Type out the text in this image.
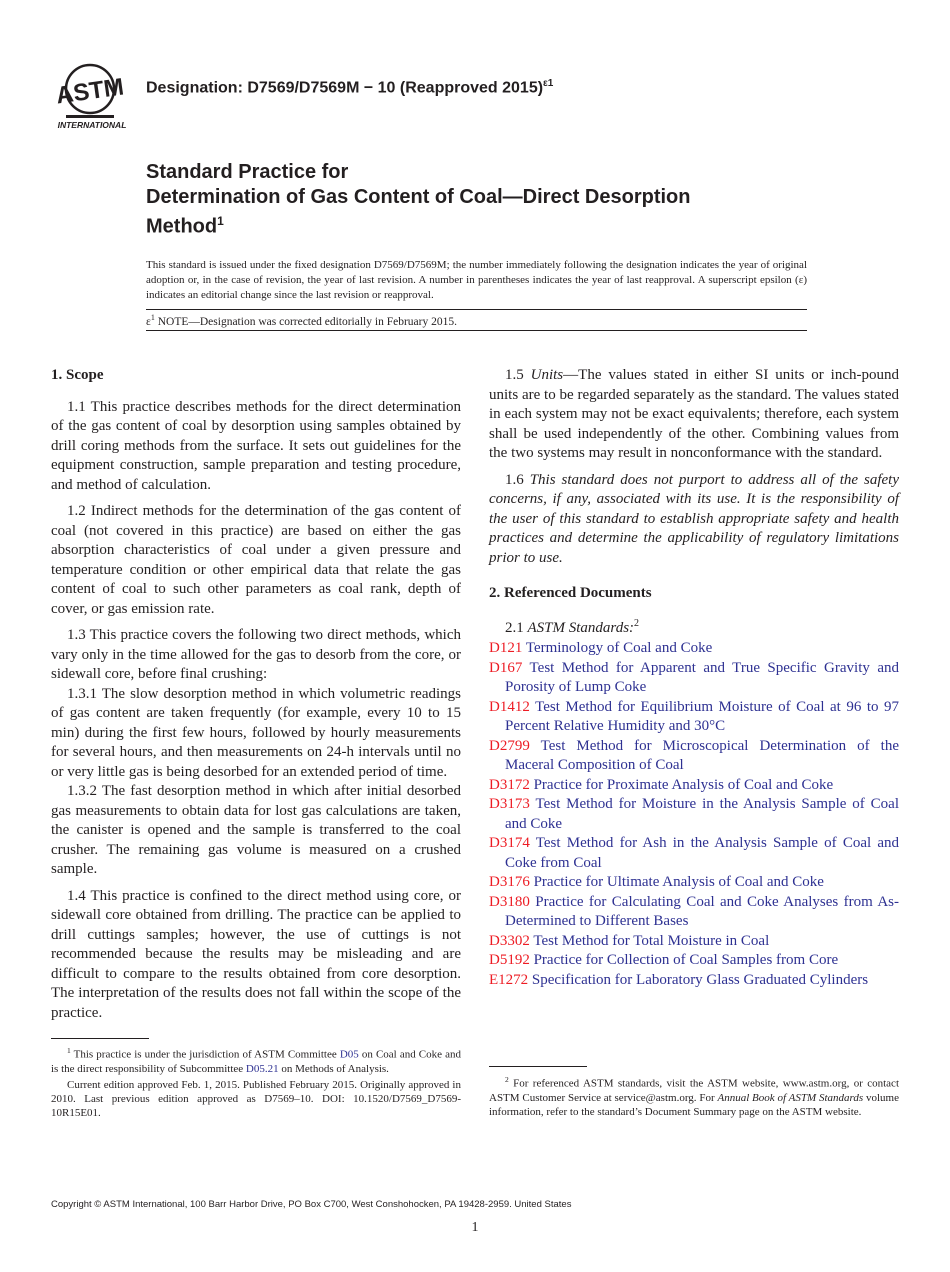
ASTM
INTERNATIONAL
Designation: D7569/D7569M − 10 (Reapproved 2015)$^{\varepsilon 1}$
Standard Practice for
Determination of Gas Content of Coal—Direct Desorption
Method$^1$
This standard is issued under the fixed designation D7569/D7569M; the number immediately following the designation indicates the year of original adoption or, in the case of revision, the year of last revision. A number in parentheses indicates the year of last reapproval. A superscript epsilon (ε) indicates an editorial change since the last revision or reapproval.
$\varepsilon^1$ NOTE—Designation was corrected editorially in February 2015.
1. Scope

1.1 This practice describes methods for the direct determination of the gas content of coal by desorption using samples obtained by drill coring methods from the surface. It sets out guidelines for the equipment construction, sample preparation and testing procedure, and method of calculation.

1.2 Indirect methods for the determination of the gas content of coal (not covered in this practice) are based on either the gas absorption characteristics of coal under a given pressure and temperature condition or other empirical data that relate the gas content of coal to such other parameters as coal rank, depth of cover, or gas emission rate.

1.3 This practice covers the following two direct methods, which vary only in the time allowed for the gas to desorb from the core, or sidewall core, before final crushing:

1.3.1 The slow desorption method in which volumetric readings of gas content are taken frequently (for example, every 10 to 15 min) during the first few hours, followed by hourly measurements for several hours, and then measurements on 24-h intervals until no or very little gas is being desorbed for an extended period of time.

1.3.2 The fast desorption method in which after initial desorbed gas measurements to obtain data for lost gas calculations are taken, the canister is opened and the sample is transferred to the coal crusher. The remaining gas volume is measured on a crushed sample.

1.4 This practice is confined to the direct method using core, or sidewall core obtained from drilling. The practice can be applied to drill cuttings samples; however, the use of cuttings is not recommended because the results may be misleading and are difficult to compare to the results obtained from core desorption. The interpretation of the results does not fall within the scope of the practice.

1.5 Units—The values stated in either SI units or inch-pound units are to be regarded separately as the standard. The values stated in each system may not be exact equivalents; therefore, each system shall be used independently of the other. Combining values from the two systems may result in nonconformance with the standard.

1.6 This standard does not purport to address all of the safety concerns, if any, associated with its use. It is the responsibility of the user of this standard to establish appropriate safety and health practices and determine the applicability of regulatory limitations prior to use.

2. Referenced Documents
2.1 ASTM Standards:$^2$
D121 Terminology of Coal and Coke
D167 Test Method for Apparent and True Specific Gravity and Porosity of Lump Coke
D1412 Test Method for Equilibrium Moisture of Coal at 96 to 97 Percent Relative Humidity and 30°C
D2799 Test Method for Microscopical Determination of the Maceral Composition of Coal
D3172 Practice for Proximate Analysis of Coal and Coke
D3173 Test Method for Moisture in the Analysis Sample of Coal and Coke
D3174 Test Method for Ash in the Analysis Sample of Coal and Coke from Coal
D3176 Practice for Ultimate Analysis of Coal and Coke
D3180 Practice for Calculating Coal and Coke Analyses from As-Determined to Different Bases
D3302 Test Method for Total Moisture in Coal
D5192 Practice for Collection of Coal Samples from Core
E1272 Specification for Laboratory Glass Graduated Cylinders

$^1$ This practice is under the jurisdiction of ASTM Committee D05 on Coal and Coke and is the direct responsibility of Subcommittee D05.21 on Methods of Analysis.

Current edition approved Feb. 1, 2015. Published February 2015. Originally approved in 2010. Last previous edition approved as D7569–10. DOI: 10.1520/D7569_D7569-10R15E01.

$^2$ For referenced ASTM standards, visit the ASTM website, www.astm.org, or contact ASTM Customer Service at service@astm.org. For Annual Book of ASTM Standards volume information, refer to the standard’s Document Summary page on the ASTM website.

Copyright © ASTM International, 100 Barr Harbor Drive, PO Box C700, West Conshohocken, PA 19428-2959. United States
1
